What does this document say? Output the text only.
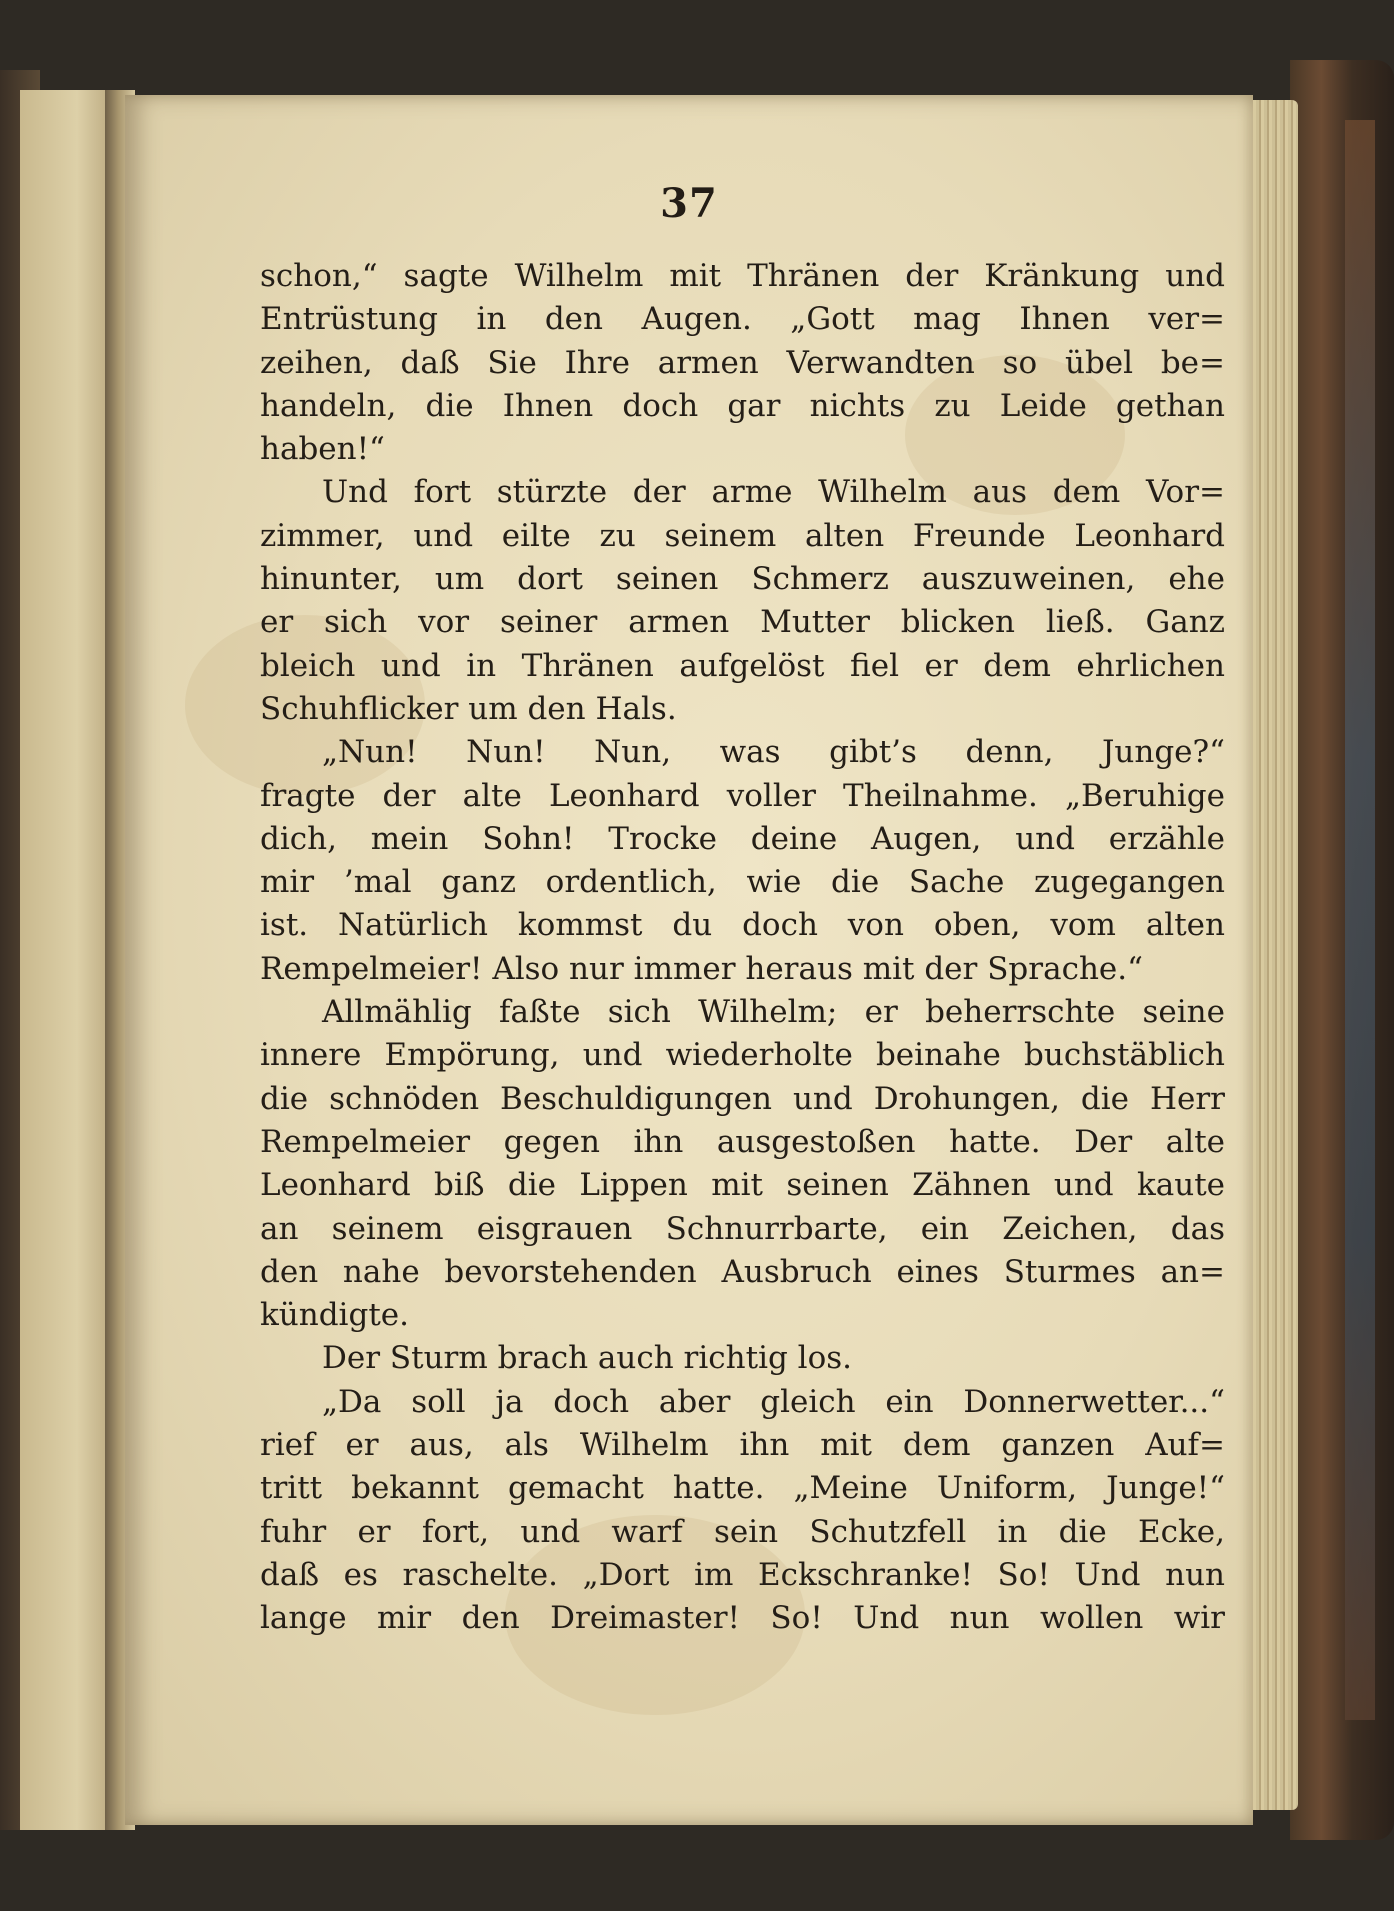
37
schon,“ sagte Wilhelm mit Thränen der Kränkung und
Entrüstung in den Augen. „Gott mag Ihnen ver=
zeihen, daß Sie Ihre armen Verwandten so übel be=
handeln, die Ihnen doch gar nichts zu Leide gethan
haben!“
Und fort stürzte der arme Wilhelm aus dem Vor=
zimmer, und eilte zu seinem alten Freunde Leonhard
hinunter, um dort seinen Schmerz auszuweinen, ehe
er sich vor seiner armen Mutter blicken ließ. Ganz
bleich und in Thränen aufgelöst fiel er dem ehrlichen
Schuhflicker um den Hals.
„Nun! Nun! Nun, was gibt’s denn, Junge?“
fragte der alte Leonhard voller Theilnahme. „Beruhige
dich, mein Sohn! Trocke deine Augen, und erzähle
mir ’mal ganz ordentlich, wie die Sache zugegangen
ist. Natürlich kommst du doch von oben, vom alten
Rempelmeier! Also nur immer heraus mit der Sprache.“
Allmählig faßte sich Wilhelm; er beherrschte seine
innere Empörung, und wiederholte beinahe buchstäblich
die schnöden Beschuldigungen und Drohungen, die Herr
Rempelmeier gegen ihn ausgestoßen hatte. Der alte
Leonhard biß die Lippen mit seinen Zähnen und kaute
an seinem eisgrauen Schnurrbarte, ein Zeichen, das
den nahe bevorstehenden Ausbruch eines Sturmes an=
kündigte.
Der Sturm brach auch richtig los.
„Da soll ja doch aber gleich ein Donnerwetter...“
rief er aus, als Wilhelm ihn mit dem ganzen Auf=
tritt bekannt gemacht hatte. „Meine Uniform, Junge!“
fuhr er fort, und warf sein Schutzfell in die Ecke,
daß es raschelte. „Dort im Eckschranke! So! Und nun
lange mir den Dreimaster! So! Und nun wollen wir
